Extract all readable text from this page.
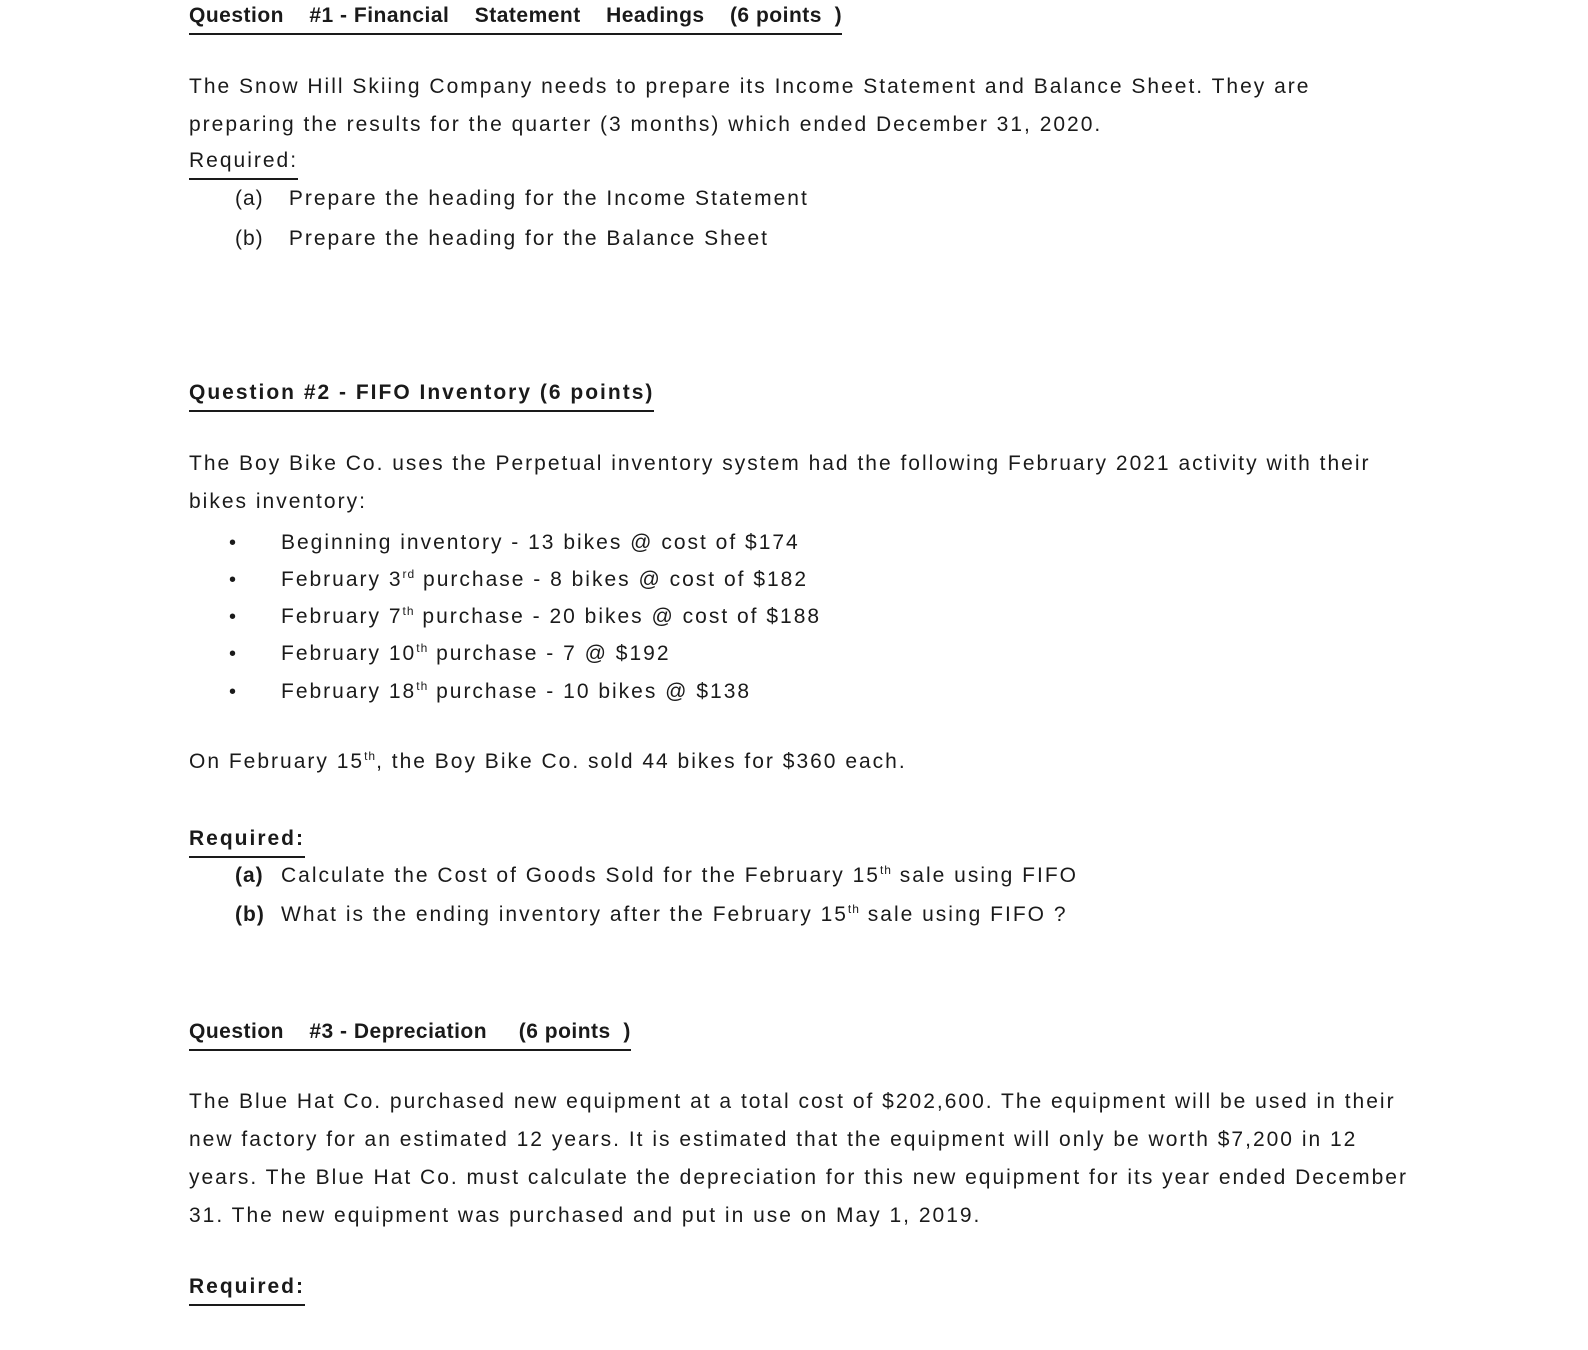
Question    #1 - Financial    Statement    Headings    (6 points  )
The Snow Hill Skiing Company needs to prepare its Income Statement and Balance Sheet. They are preparing the results for the quarter (3 months) which ended December 31, 2020.
Required:
(a) Prepare the heading for the Income Statement
(b) Prepare the heading for the Balance Sheet
Question #2 - FIFO Inventory (6 points)
The Boy Bike Co. uses the Perpetual inventory system had the following February 2021 activity with their bikes inventory:
• Beginning inventory - 13 bikes @ cost of $174
• February 3rd purchase - 8 bikes @ cost of $182
• February 7th purchase - 20 bikes @ cost of $188
• February 10th purchase - 7 @ $192
• February 18th purchase - 10 bikes @ $138
On February 15th, the Boy Bike Co. sold 44 bikes for $360 each.
Required:
(a) Calculate the Cost of Goods Sold for the February 15th sale using FIFO
(b) What is the ending inventory after the February 15th sale using FIFO ?
Question    #3 - Depreciation     (6 points  )
The Blue Hat Co. purchased new equipment at a total cost of $202,600. The equipment will be used in their new factory for an estimated 12 years. It is estimated that the equipment will only be worth $7,200 in 12 years. The Blue Hat Co. must calculate the depreciation for this new equipment for its year ended December 31. The new equipment was purchased and put in use on May 1, 2019.
Required:
